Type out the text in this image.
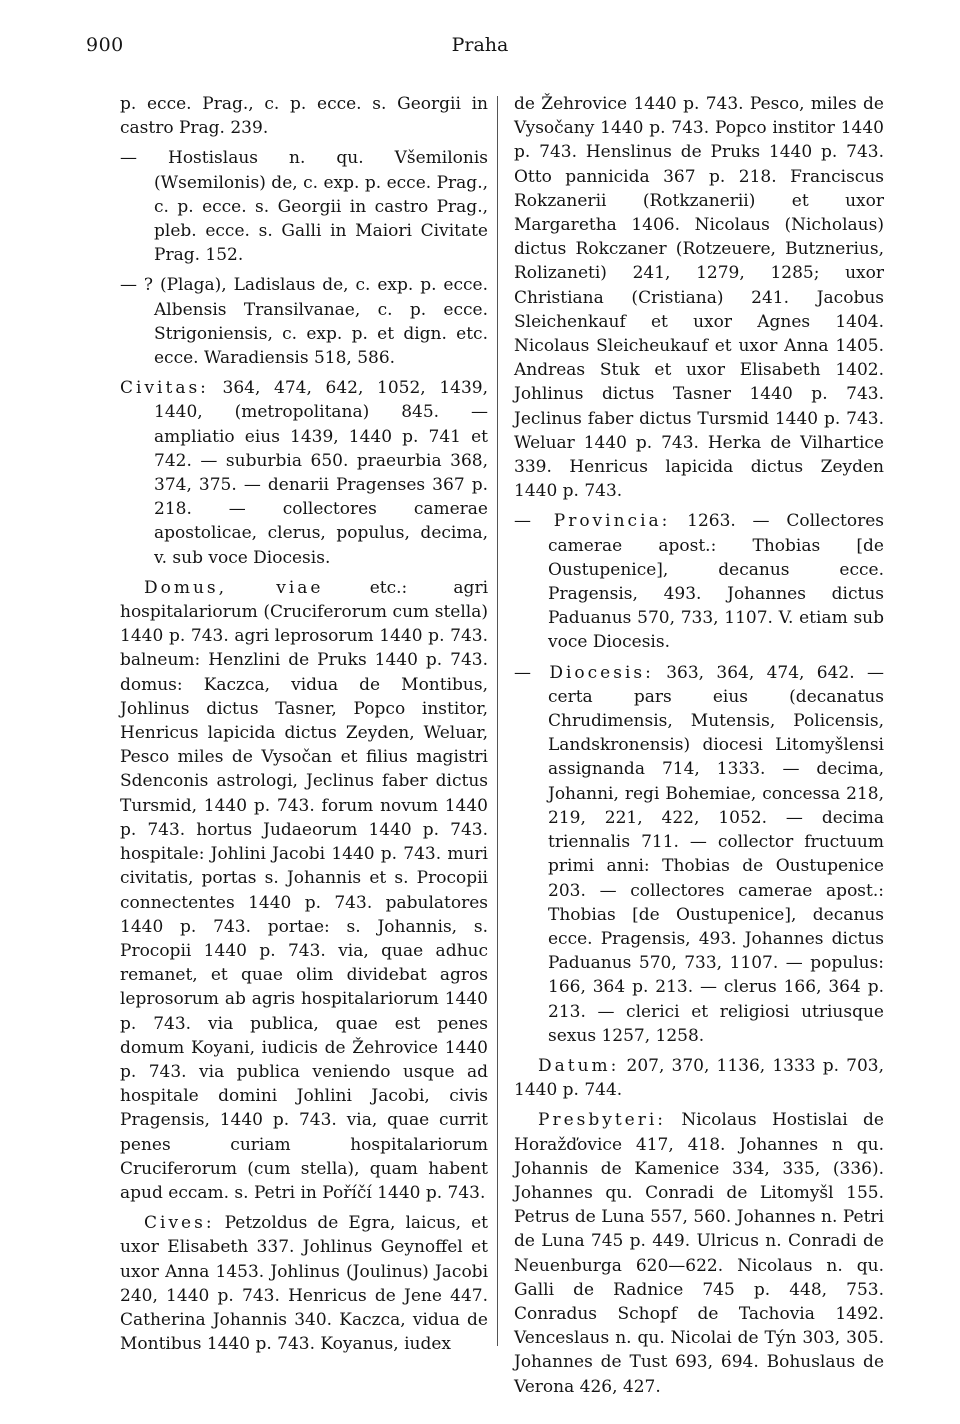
900	Praha

p. ecce. Prag., c. p. ecce. s. Georgii in castro Prag. 239.

— Hostislaus n. qu. Všemilonis (Wsemilonis) de, c. exp. p. ecce. Prag., c. p. ecce. s. Georgii in castro Prag., pleb. ecce. s. Galli in Maiori Civitate Prag. 152.

— ? (Plaga), Ladislaus de, c. exp. p. ecce. Albensis Transilvanae, c. p. ecce. Strigoniensis, c. exp. p. et dign. etc. ecce. Waradiensis 518, 586.

Civitas: 364, 474, 642, 1052, 1439, 1440, (metropolitana) 845. — ampliatio eius 1439, 1440 p. 741 et 742. — suburbia 650. praeurbia 368, 374, 375. — denarii Pragenses 367 p. 218. — collectores camerae apostolicae, clerus, populus, decima, v. sub voce Diocesis.

Domus, viae etc.: agri hospitalariorum (Cruciferorum cum stella) 1440 p. 743. agri leprosorum 1440 p. 743. balneum: Henzlini de Pruks 1440 p. 743. domus: Kaczca, vidua de Montibus, Johlinus dictus Tasner, Popco institor, Henricus lapicida dictus Zeyden, Weluar, Pesco miles de Vysočan et filius magistri Sdenconis astrologi, Jeclinus faber dictus Tursmid, 1440 p. 743. forum novum 1440 p. 743. hortus Judaeorum 1440 p. 743. hospitale: Johlini Jacobi 1440 p. 743. muri civitatis, portas s. Johannis et s. Procopii connectentes 1440 p. 743. pabulatores 1440 p. 743. portae: s. Johannis, s. Procopii 1440 p. 743. via, quae adhuc remanet, et quae olim dividebat agros leprosorum ab agris hospitalariorum 1440 p. 743. via publica, quae est penes domum Koyani, iudicis de Žehrovice 1440 p. 743. via publica veniendo usque ad hospitale domini Johlini Jacobi, civis Pragensis, 1440 p. 743. via, quae currit penes curiam hospitalariorum Cruciferorum (cum stella), quam habent apud eccam. s. Petri in Poříčí 1440 p. 743.

Cives: Petzoldus de Egra, laicus, et uxor Elisabeth 337. Johlinus Geynoffel et uxor Anna 1453. Johlinus (Joulinus) Jacobi 240, 1440 p. 743. Henricus de Jene 447. Catherina Johannis 340. Kaczca, vidua de Montibus 1440 p. 743. Koyanus, iudex

de Žehrovice 1440 p. 743. Pesco, miles de Vysočany 1440 p. 743. Popco institor 1440 p. 743. Henslinus de Pruks 1440 p. 743. Otto pannicida 367 p. 218. Franciscus Rokzanerii (Rotkzanerii) et uxor Margaretha 1406. Nicolaus (Nicholaus) dictus Rokczaner (Rotzeuere, Butznerius, Rolizaneti) 241, 1279, 1285; uxor Christiana (Cristiana) 241. Jacobus Sleichenkauf et uxor Agnes 1404. Nicolaus Sleicheukauf et uxor Anna 1405. Andreas Stuk et uxor Elisabeth 1402. Johlinus dictus Tasner 1440 p. 743. Jeclinus faber dictus Tursmid 1440 p. 743. Weluar 1440 p. 743. Herka de Vilhartice 339. Henricus lapicida dictus Zeyden 1440 p. 743.

— Provincia: 1263. — Collectores camerae apost.: Thobias [de Oustupenice], decanus ecce. Pragensis, 493. Johannes dictus Paduanus 570, 733, 1107. V. etiam sub voce Diocesis.

— Diocesis: 363, 364, 474, 642. — certa pars eius (decanatus Chrudimensis, Mutensis, Policensis, Landskronensis) diocesi Litomyšlensi assignanda 714, 1333. — decima, Johanni, regi Bohemiae, concessa 218, 219, 221, 422, 1052. — decima triennalis 711. — collector fructuum primi anni: Thobias de Oustupenice 203. — collectores camerae apost.: Thobias [de Oustupenice], decanus ecce. Pragensis, 493. Johannes dictus Paduanus 570, 733, 1107. — populus: 166, 364 p. 213. — clerus 166, 364 p. 213. — clerici et religiosi utriusque sexus 1257, 1258.

Datum: 207, 370, 1136, 1333 p. 703, 1440 p. 744.

Presbyteri: Nicolaus Hostislai de Horažďovice 417, 418. Johannes n qu. Johannis de Kamenice 334, 335, (336). Johannes qu. Conradi de Litomyšl 155. Petrus de Luna 557, 560. Johannes n. Petri de Luna 745 p. 449. Ulricus n. Conradi de Neuenburga 620—622. Nicolaus n. qu. Galli de Radnice 745 p. 448, 753. Conradus Schopf de Tachovia 1492. Venceslaus n. qu. Nicolai de Týn 303, 305. Johannes de Tust 693, 694. Bohuslaus de Verona 426, 427.
